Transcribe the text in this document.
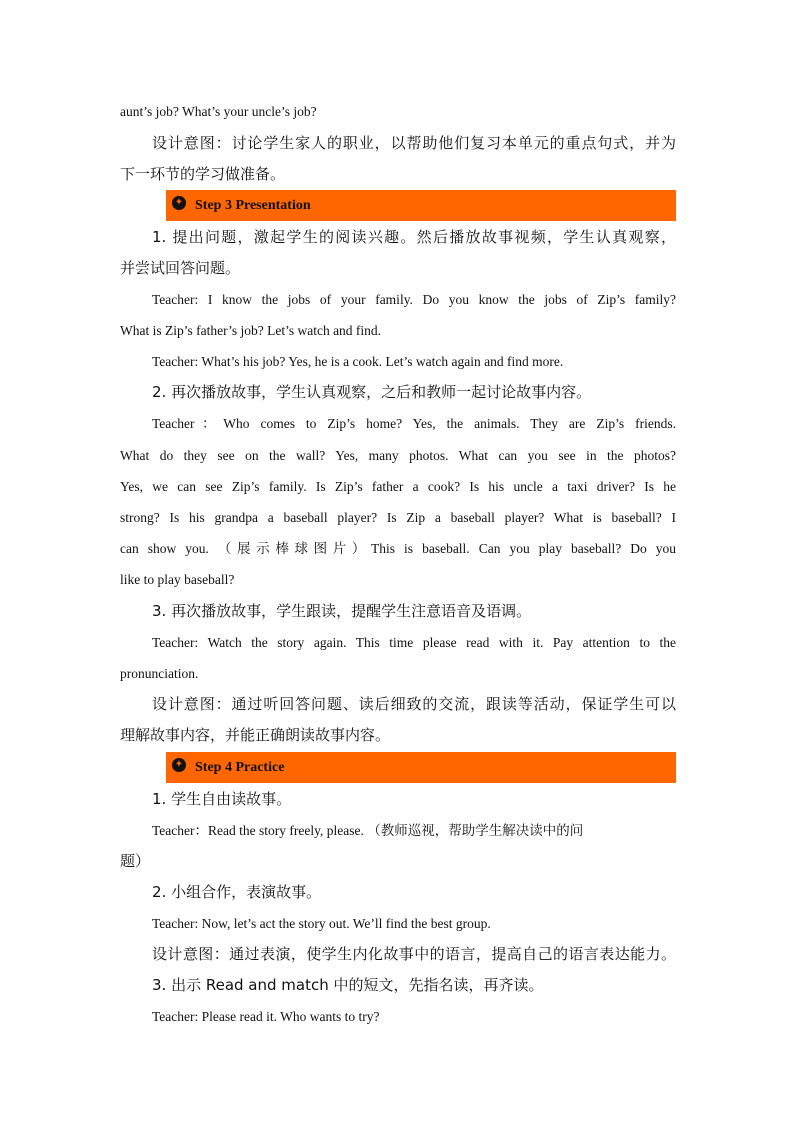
aunt’s job? What’s your uncle’s job?
设计意图：讨论学生家人的职业，以帮助他们复习本单元的重点句式，并为
下一环节的学习做准备。
✦ Step 3 Presentation
1. 提出问题，激起学生的阅读兴趣。然后播放故事视频，学生认真观察，
并尝试回答问题。
Teacher: I know the jobs of your family. Do you know the jobs of Zip’s family?
What is Zip’s father’s job? Let’s watch and find.
Teacher: What’s his job? Yes, he is a cook. Let’s watch again and find more.
2. 再次播放故事，学生认真观察，之后和教师一起讨论故事内容。
Teacher：Who comes to Zip’s home? Yes, the animals. They are Zip’s friends.
What do they see on the wall? Yes, many photos. What can you see in the photos?
Yes, we can see Zip’s family. Is Zip’s father a cook? Is his uncle a taxi driver? Is he
strong? Is his grandpa a baseball player? Is Zip a baseball player? What is baseball? I
can show you. （展示棒球图片）This is baseball. Can you play baseball? Do you
like to play baseball?
3. 再次播放故事，学生跟读，提醒学生注意语音及语调。
Teacher: Watch the story again. This time please read with it. Pay attention to the
pronunciation.
设计意图：通过听回答问题、读后细致的交流，跟读等活动，保证学生可以
理解故事内容，并能正确朗读故事内容。
✦ Step 4 Practice
1. 学生自由读故事。
Teacher：Read the story freely, please. （教师巡视，帮助学生解决读中的问
题）
2. 小组合作，表演故事。
Teacher: Now, let’s act the story out. We’ll find the best group.
设计意图：通过表演，使学生内化故事中的语言，提高自己的语言表达能力。
3. 出示 Read and match 中的短文，先指名读，再齐读。
Teacher: Please read it. Who wants to try?
